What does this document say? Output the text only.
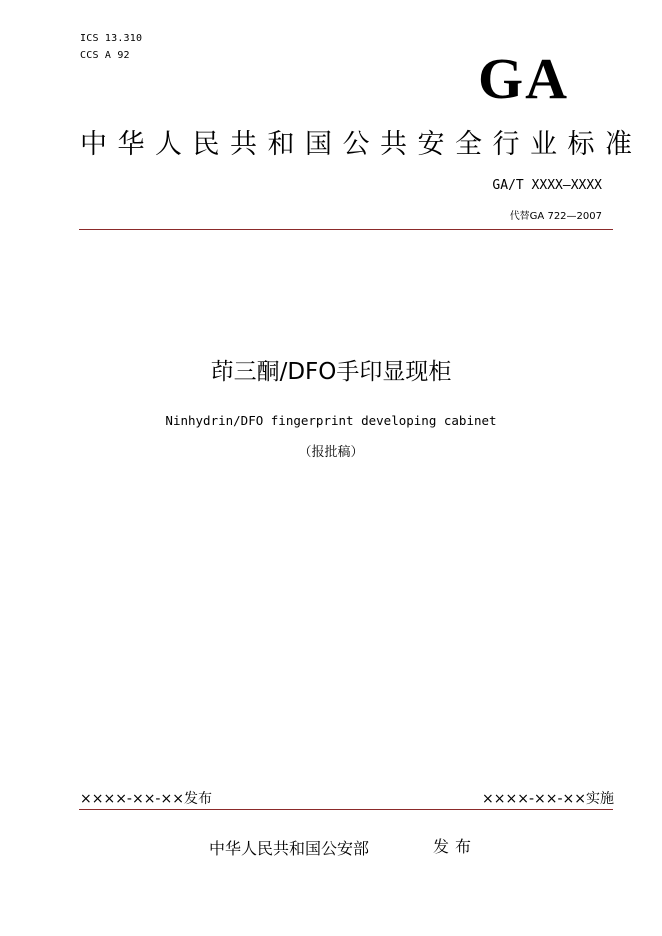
ICS 13.310
CCS A 92	GA
中华人民共和国公共安全行业标准
GA/T XXXX—XXXX
代替GA 722—2007
茚三酮/DFO手印显现柜
Ninhydrin/DFO fingerprint developing cabinet
（报批稿）
××××-××-××发布	××××-××-××实施
中华人民共和国公安部	发布
